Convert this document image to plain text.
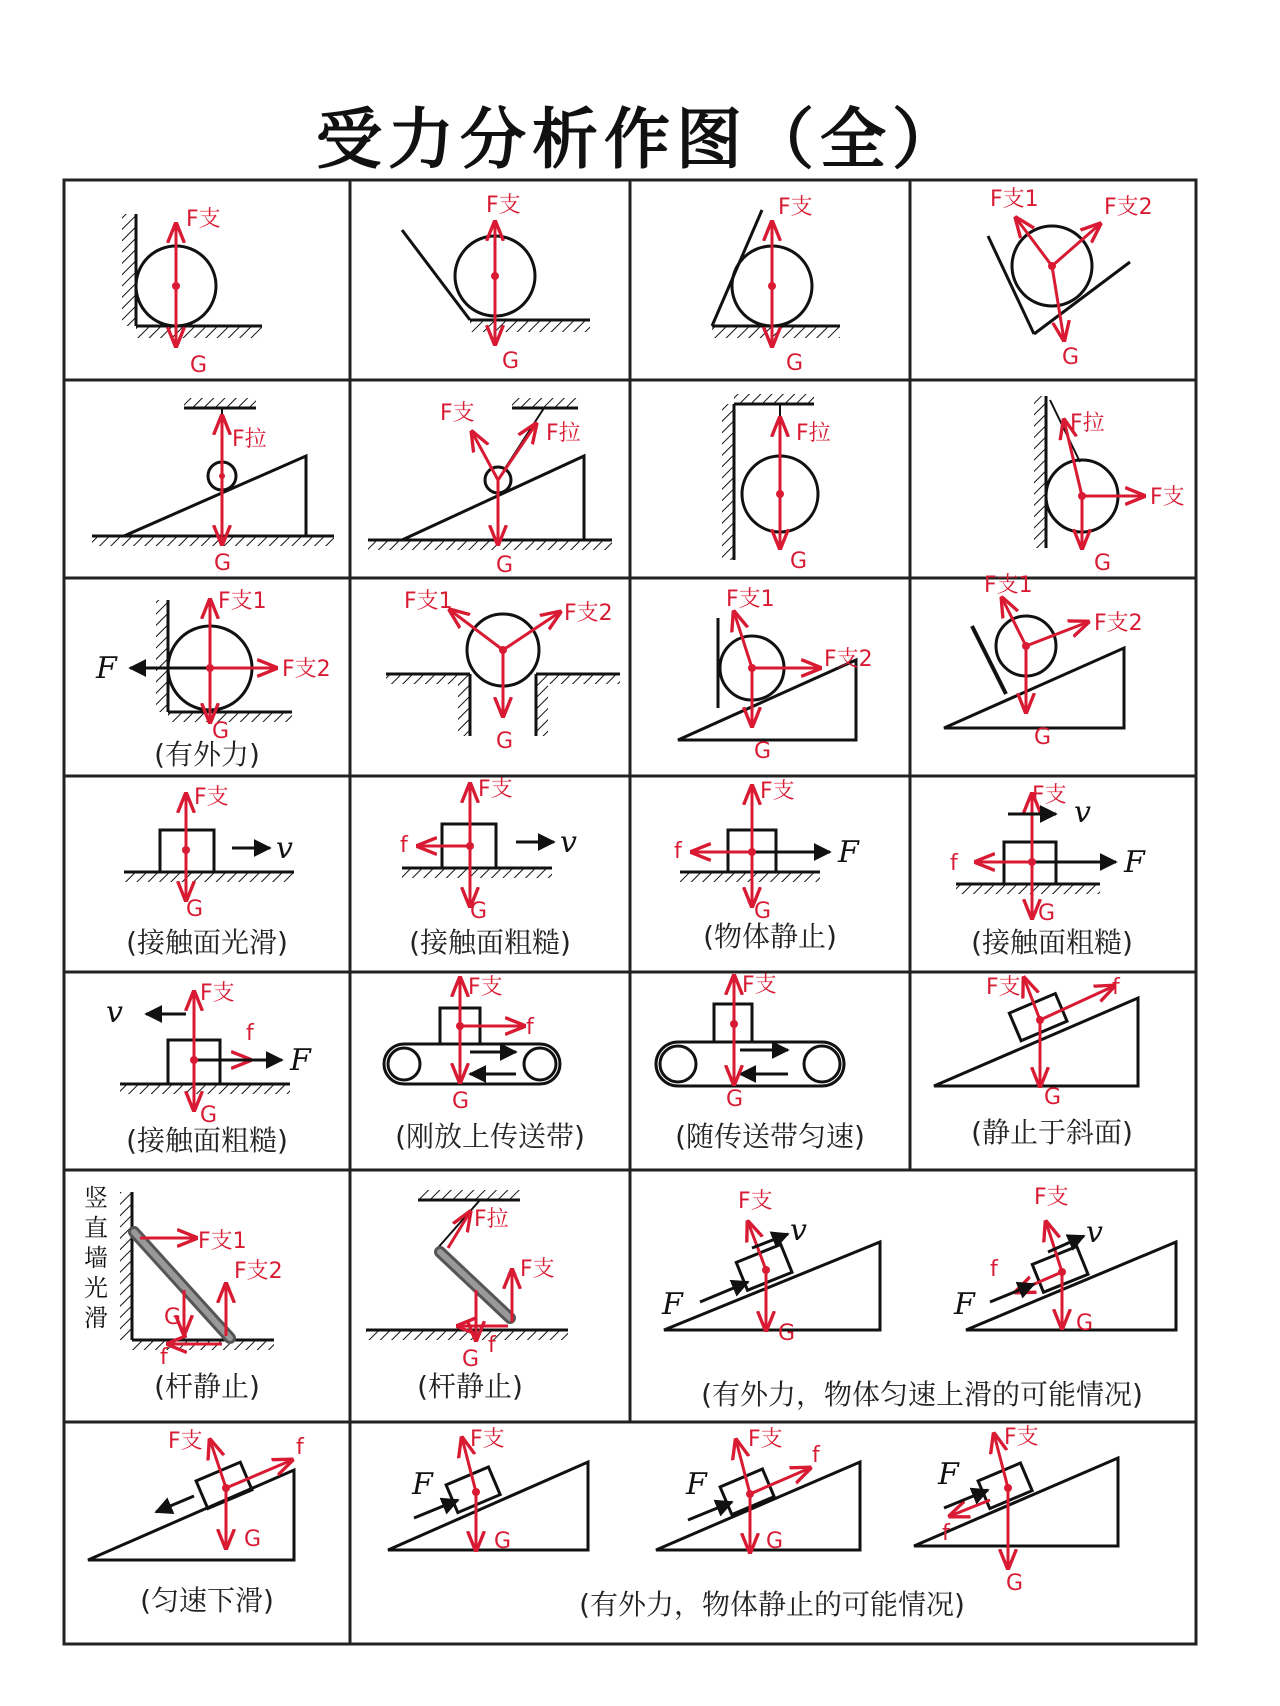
受力分析作图（全）
F支
G
F支
G
F支
G
F支1	F支2
G
F拉
G
F支
F拉
G
F拉
G
F拉
F支
G
F支1
F支2
F
G
(有外力)
F支1	F支2
G
F支1
F支2
G
F支1
F支2
G
F支
v
G
(接触面光滑)
F支
f	v
G
(接触面粗糙)
F支
f	F
G
(物体静止)
F支 v
f	F
G
(接触面粗糙)
v
F支
f
F
G
(接触面粗糙)
F支
f
G
(刚放上传送带)
F支
G
(随传送带匀速)
F支	f
G
(静止于斜面)
竖直墙光滑
F支1
F支2
G
f
(杆静止)
F拉
F支
G
f
(杆静止)
F支
v
F
G
F支
v
f
F
G
(有外力，物体匀速上滑的可能情况)
F支	f
G
(匀速下滑)
F
F支
G
F
F支
f
G
F
F支
f
G
(有外力，物体静止的可能情况)
